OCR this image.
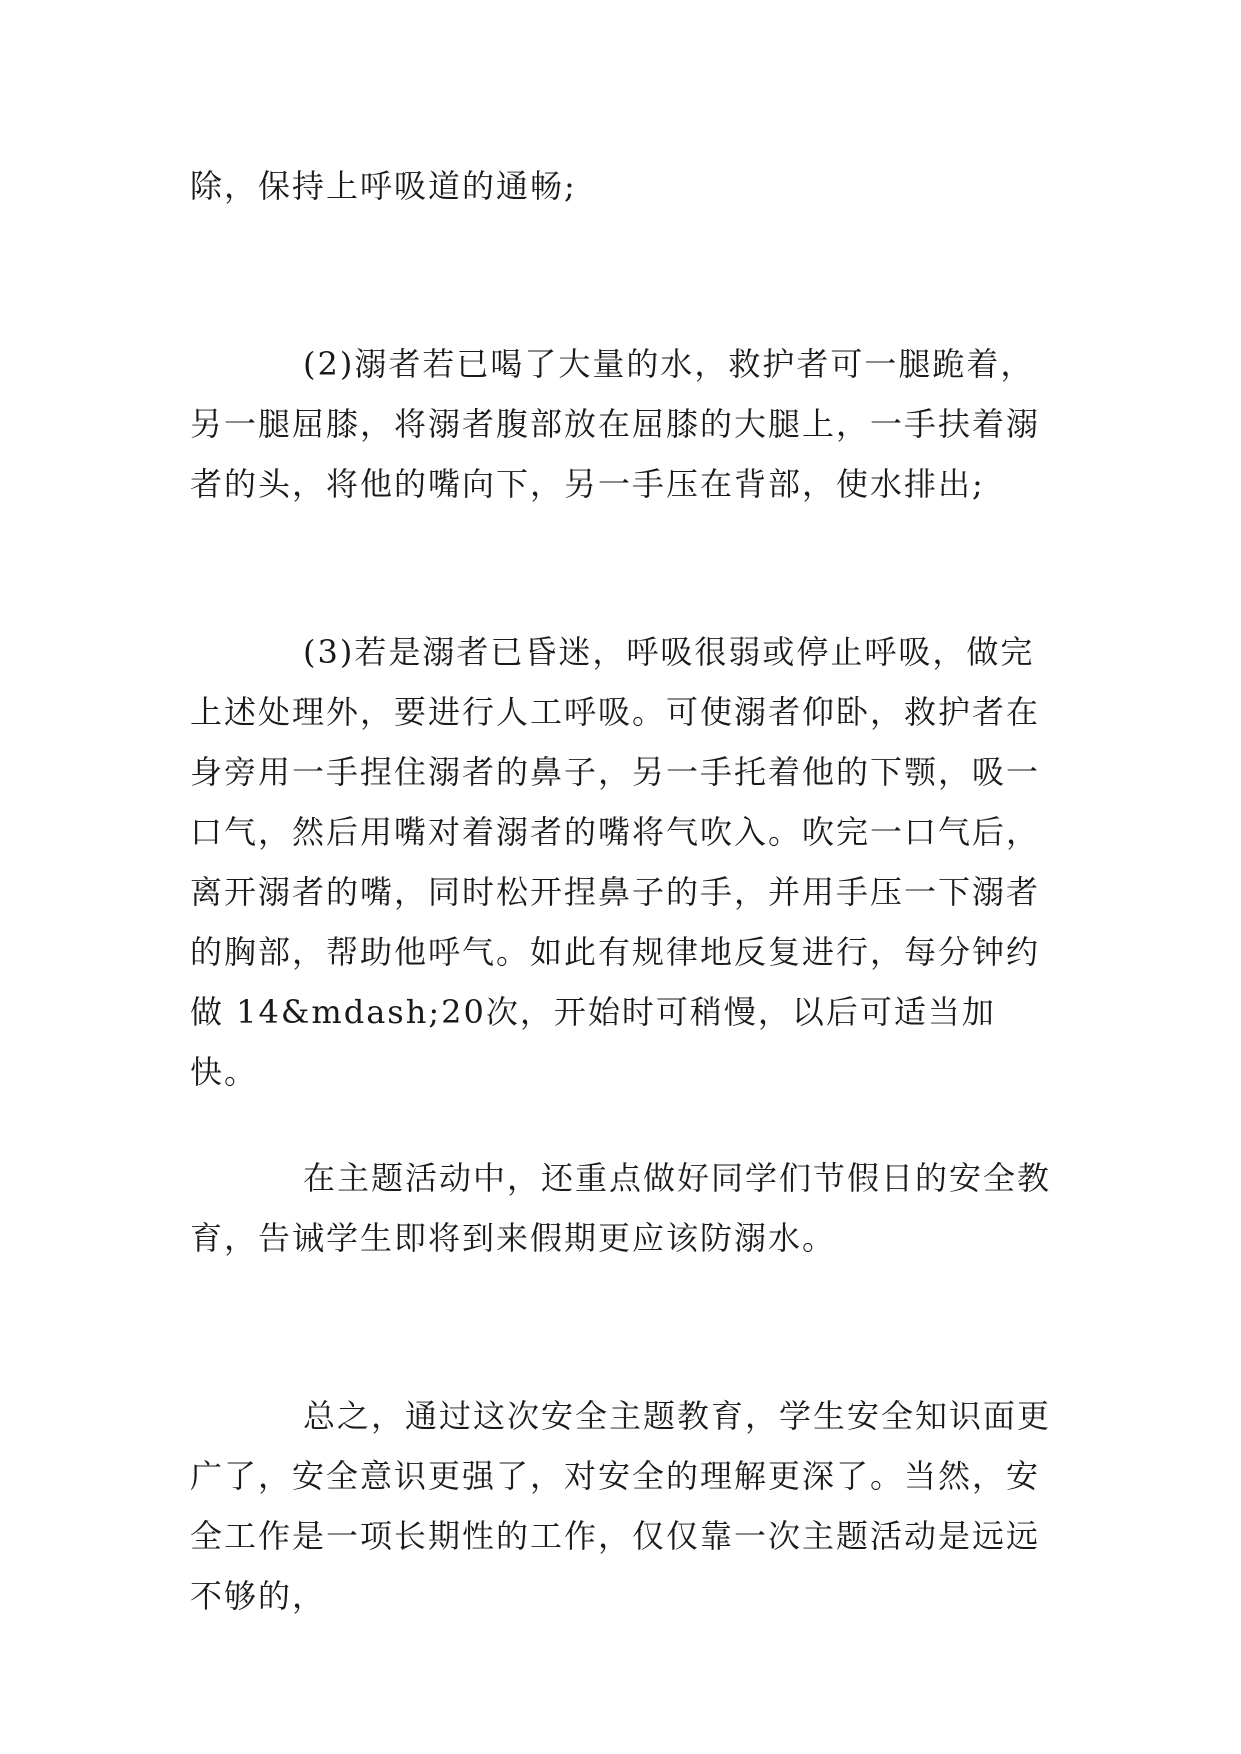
除，保持上呼吸道的通畅;

(2)溺者若已喝了大量的水，救护者可一腿跪着，另一腿屈膝，将溺者腹部放在屈膝的大腿上，一手扶着溺者的头，将他的嘴向下，另一手压在背部，使水排出;

(3)若是溺者已昏迷，呼吸很弱或停止呼吸，做完上述处理外，要进行人工呼吸。可使溺者仰卧，救护者在身旁用一手捏住溺者的鼻子，另一手托着他的下颚，吸一口气，然后用嘴对着溺者的嘴将气吹入。吹完一口气后，离开溺者的嘴，同时松开捏鼻子的手，并用手压一下溺者的胸部，帮助他呼气。如此有规律地反复进行，每分钟约做 14&mdash;20次，开始时可稍慢，以后可适当加快。

在主题活动中，还重点做好同学们节假日的安全教育，告诫学生即将到来假期更应该防溺水。

总之，通过这次安全主题教育，学生安全知识面更广了，安全意识更强了，对安全的理解更深了。当然，安全工作是一项长期性的工作，仅仅靠一次主题活动是远远不够的，
